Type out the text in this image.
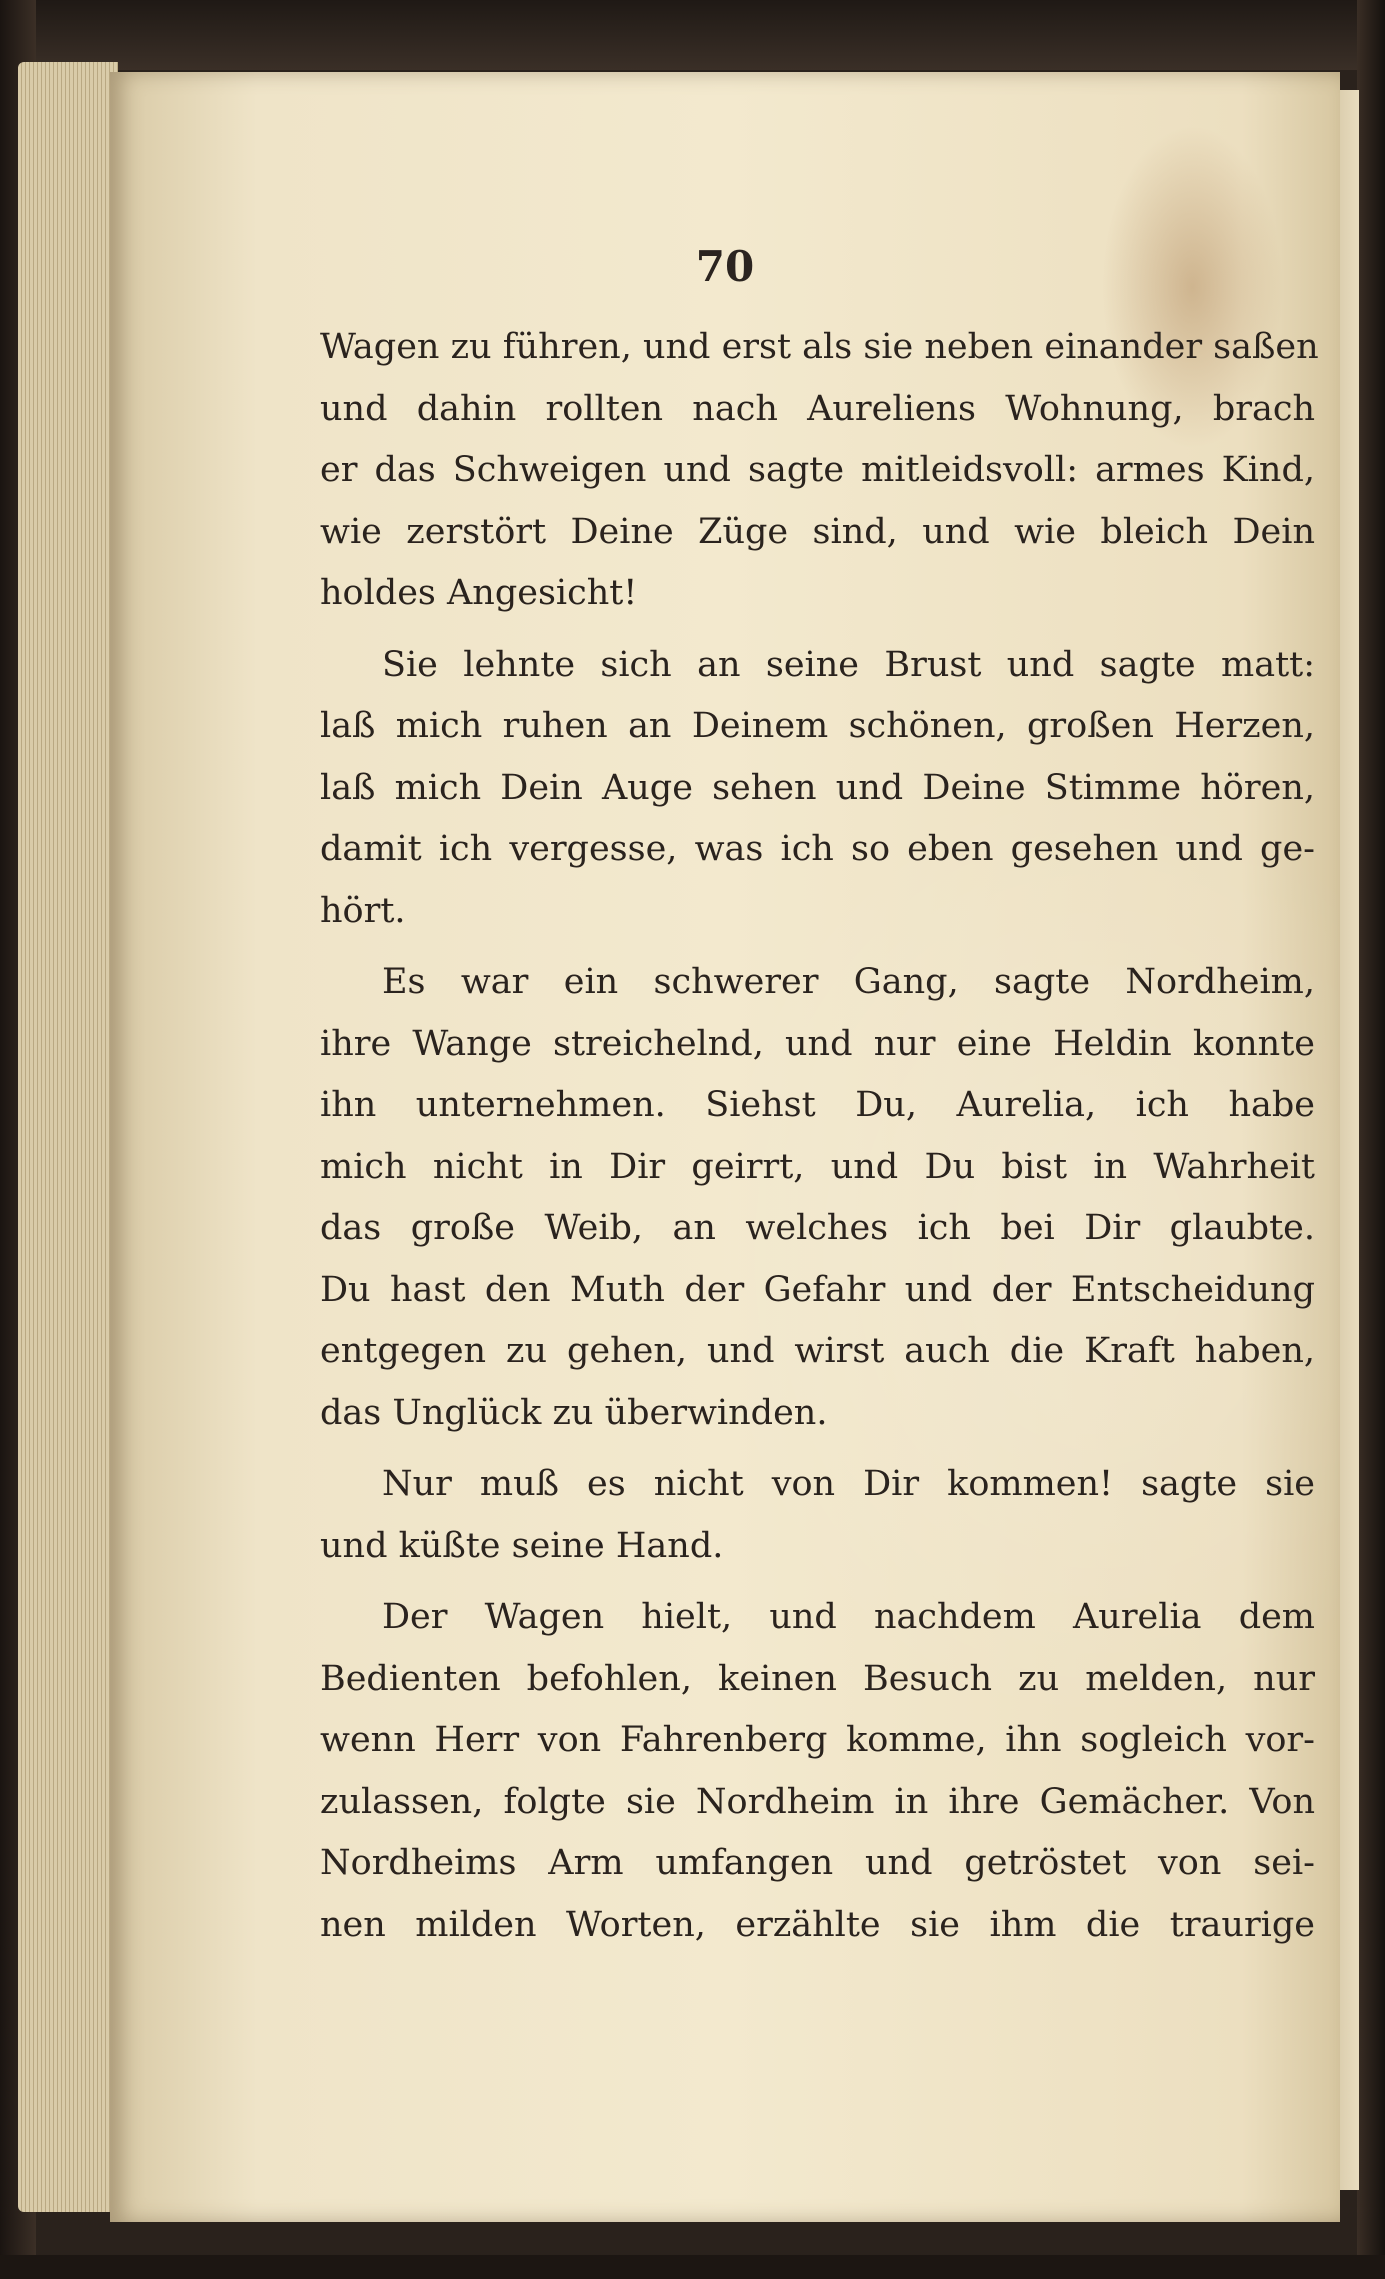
70
Wagen zu führen, und erst als sie neben einander saßen
und dahin rollten nach Aureliens Wohnung, brach
er das Schweigen und sagte mitleidsvoll: armes Kind,
wie zerstört Deine Züge sind, und wie bleich Dein
holdes Angesicht!
Sie lehnte sich an seine Brust und sagte matt:
laß mich ruhen an Deinem schönen, großen Herzen,
laß mich Dein Auge sehen und Deine Stimme hören,
damit ich vergesse, was ich so eben gesehen und ge-
hört.
Es war ein schwerer Gang, sagte Nordheim,
ihre Wange streichelnd, und nur eine Heldin konnte
ihn unternehmen. Siehst Du, Aurelia, ich habe
mich nicht in Dir geirrt, und Du bist in Wahrheit
das große Weib, an welches ich bei Dir glaubte.
Du hast den Muth der Gefahr und der Entscheidung
entgegen zu gehen, und wirst auch die Kraft haben,
das Unglück zu überwinden.
Nur muß es nicht von Dir kommen! sagte sie
und küßte seine Hand.
Der Wagen hielt, und nachdem Aurelia dem
Bedienten befohlen, keinen Besuch zu melden, nur
wenn Herr von Fahrenberg komme, ihn sogleich vor-
zulassen, folgte sie Nordheim in ihre Gemächer. Von
Nordheims Arm umfangen und getröstet von sei-
nen milden Worten, erzählte sie ihm die traurige
